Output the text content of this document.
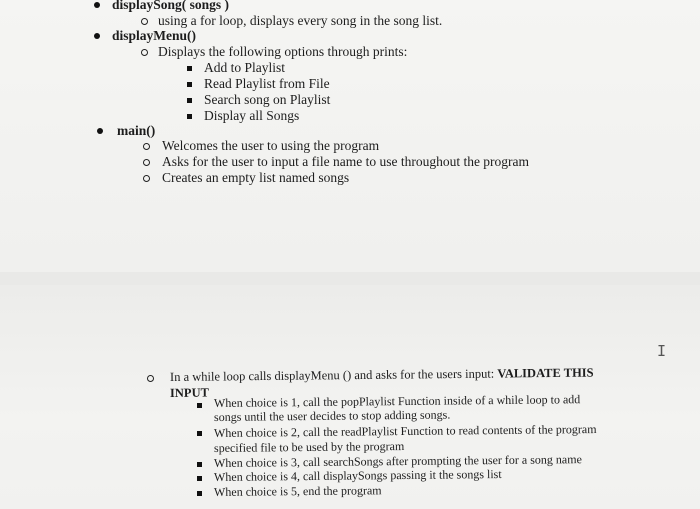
displaySong( songs )
using a for loop, displays every song in the song list.
displayMenu()
Displays the following options through prints:
Add to Playlist
Read Playlist from File
Search song on Playlist
Display all Songs
main()
Welcomes the user to using the program
Asks for the user to input a file name to use throughout the program
Creates an empty list named songs
In a while loop calls displayMenu () and asks for the users input: VALIDATE THIS
INPUT When choice is 1, call the popPlaylist Function inside of a while loop to add
songs until the user decides to stop adding songs.
When choice is 2, call the readPlaylist Function to read contents of the program
specified file to be used by the program
When choice is 3, call searchSongs after prompting the user for a song name
When choice is 4, call displaySongs passing it the songs list
When choice is 5, end the program
I
